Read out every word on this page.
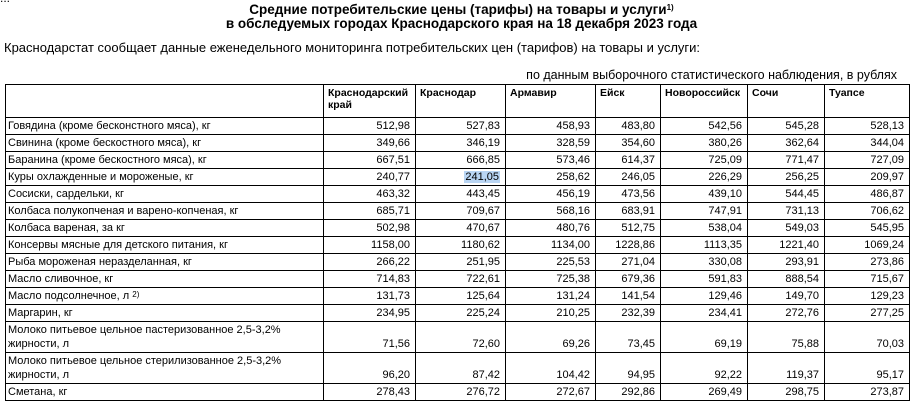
Средние потребительские цены (тарифы) на товары и услуги$^{1)}$
в обследуемых городах Краснодарского края на 18 декабря 2023 года
Краснодарстат сообщает данные еженедельного мониторинга потребительских цен (тарифов) на товары и услуги:
по данным выборочного статистического наблюдения, в рублях
	Краснодарский край	Краснодар	Армавир	Ейск	Новороссийск	Сочи	Туапсе
Говядина (кроме бесконстного мяса), кг	512,98	527,83	458,93	483,80	542,56	545,28	528,13
Свинина (кроме бескостного мяса), кг	349,66	346,19	328,59	354,60	380,26	362,64	344,04
Баранина (кроме бескостного мяса), кг	667,51	666,85	573,46	614,37	725,09	771,47	727,09
Куры охлажденные и мороженые, кг	240,77	241,05	258,62	246,05	226,29	256,25	209,97
Сосиски, сардельки, кг	463,32	443,45	456,19	473,56	439,10	544,45	486,87
Колбаса полукопченая и варено-копченая, кг	685,71	709,67	568,16	683,91	747,91	731,13	706,62
Колбаса вареная, за кг	502,98	470,67	480,76	512,75	538,04	549,03	545,95
Консервы мясные для детского питания, кг	1158,00	1180,62	1134,00	1228,86	1113,35	1221,40	1069,24
Рыба мороженая неразделанная, кг	266,22	251,95	225,53	271,04	330,08	293,91	273,86
Масло сливочное, кг	714,83	722,61	725,38	679,36	591,83	888,54	715,67
Масло подсолнечное, л $^{2)}$	131,73	125,64	131,24	141,54	129,46	149,70	129,23
Маргарин, кг	234,95	225,24	210,25	232,39	234,41	272,76	277,25
Молоко питьевое цельное пастеризованное 2,5-3,2% жирности, л	71,56	72,60	69,26	73,45	69,19	75,88	70,03
Молоко питьевое цельное стерилизованное 2,5-3,2% жирности, л	96,20	87,42	104,42	94,95	92,22	119,37	95,17
Сметана, кг	278,43	276,72	272,67	292,86	269,49	298,75	273,87
